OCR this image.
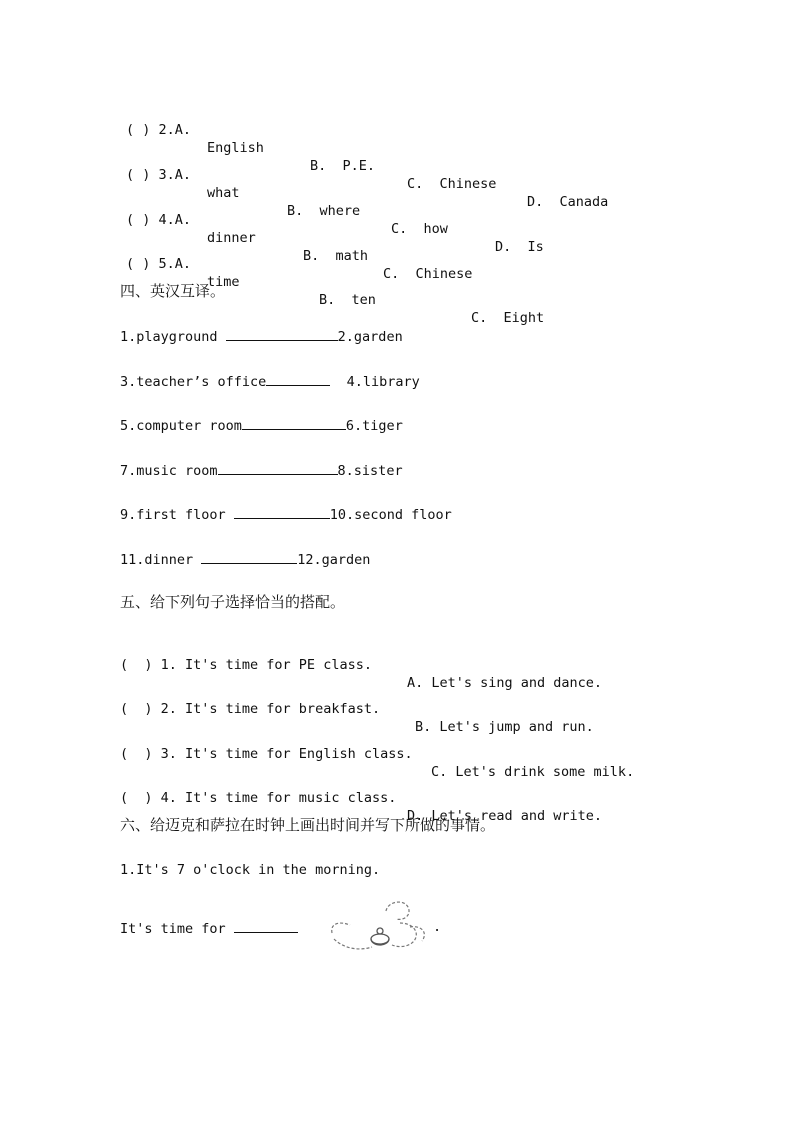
( ) 2.A.

English

B.  P.E.

C.  Chinese

D.  Canada

( ) 3.A.

what

B.  where

C.  how

D.  Is

( ) 4.A.

dinner

B.  math

C.  Chinese

( ) 5.A.

time

B.  ten

C.  Eight

四、英汉互译。
1.playground	2.garden
3.teacher’s office	4.library
5.computer room	6.tiger
7.music room	8.sister
9.first floor	10.second floor
11.dinner	12.garden
五、给下列句子选择恰当的搭配。

(  ) 1. It's time for PE class.

A. Let's sing and dance.

(  ) 2. It's time for breakfast.

B. Let's jump and run.

(  ) 3. It's time for English class.

C. Let's drink some milk.

(  ) 4. It's time for music class.

D. Let's read and write.

六、给迈克和萨拉在时钟上画出时间并写下所做的事情。
1.It's 7 o'clock in the morning.
It's time for	.
